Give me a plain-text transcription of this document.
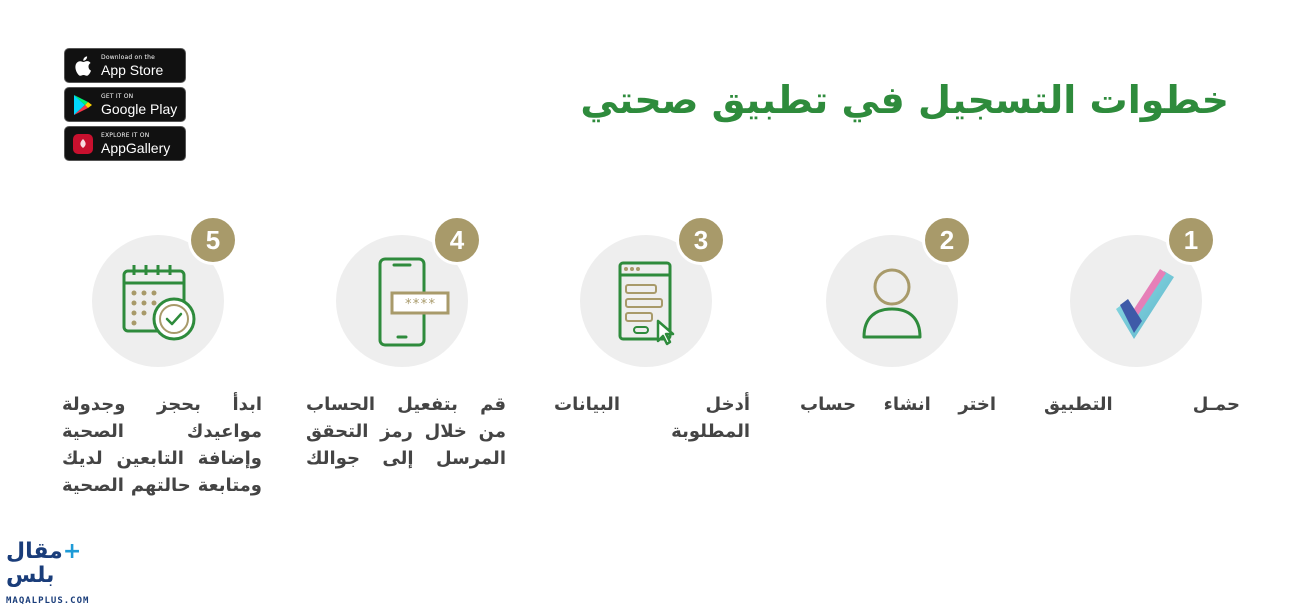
خطوات التسجيل في تطبيق صحتي
Download on the
App Store
GET IT ON
Google Play
EXPLORE IT ON
AppGallery
1
حمـل التطبيق
2
اختر انشاء حساب
3
أدخل البيانات المطلوبة
****
4
قم بتفعيل الحساب من خلال رمز التحقق المرسل إلى جوالك
5
ابدأ بحجز وجدولة مواعيدك الصحية وإضافة التابعين لديك ومتابعة حالتهم الصحية
+مقال بلس
MAQALPLUS.COM
